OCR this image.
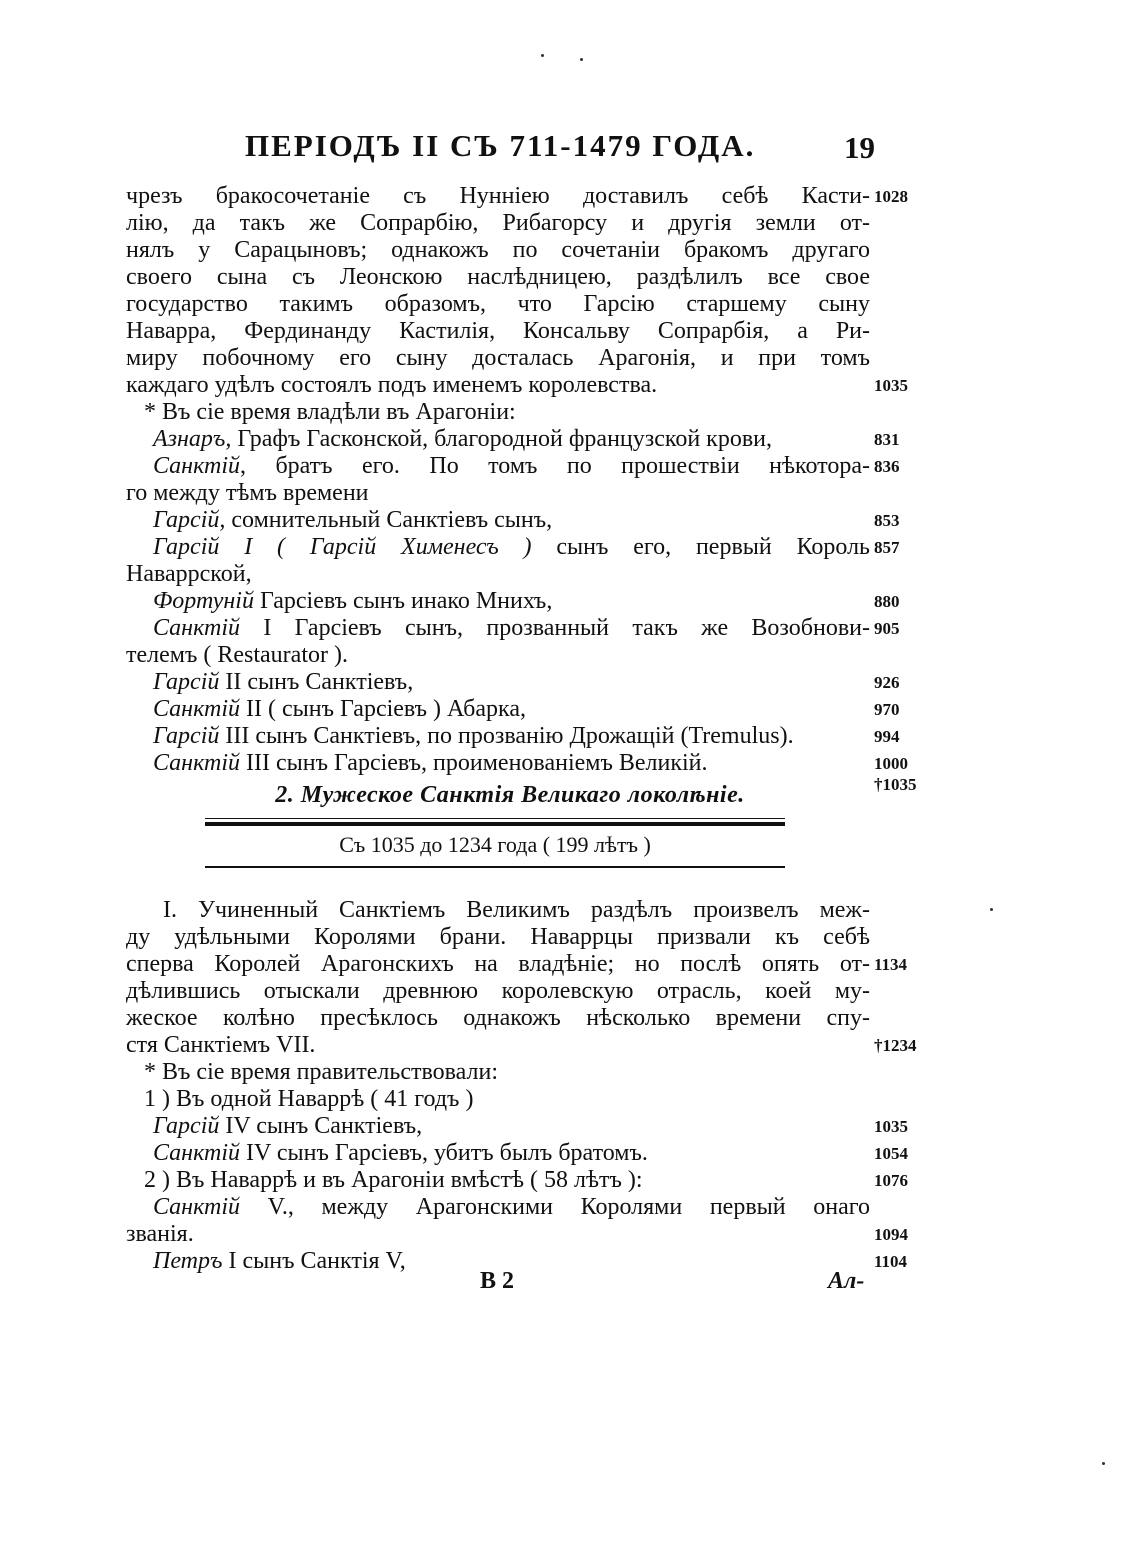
ПЕРІОДЪ II СЪ 711-1479 ГОДА.	19
чрезъ бракосочетаніе съ Нунніею доставилъ себѣ Касти- 1028
лію, да такъ же Сопрарбію, Рибагорсу и другія земли от-
нялъ у Сарацыновъ; однакожъ по сочетаніи бракомъ другаго
своего сына съ Леонскою наслѣдницею, раздѣлилъ все свое
государство такимъ образомъ, что Гарсію старшему сыну
Наварра, Фердинанду Кастилія, Консальву Сопрарбія, а Ри-
миру побочному его сыну досталась Арагонія, и при томъ
каждаго удѣлъ состоялъ подъ именемъ королевства.	1035
* Въ сіе время владѣли въ Арагоніи:
Азнаръ, Графъ Гасконской, благородной французской крови,	831
Санктій, братъ его. По томъ по прошествіи нѣкотора- 836
го между тѣмъ времени
Гарсій, сомнительный Санктіевъ сынъ,	853
Гарсій I ( Гарсій Хименесъ ) сынъ его, первый Король 857
Наваррской,
Фортуній Гарсіевъ сынъ инако Мнихъ,	880
Санктій I Гарсіевъ сынъ, прозванный такъ же Возобнови- 905
телемъ ( Restaurator ).
Гарсій II сынъ Санктіевъ,	926
Санктій II ( сынъ Гарсіевъ ) Абарка,	970
Гарсій III сынъ Санктіевъ, по прозванію Дрожащій (Tremulus).	994
Санктій III сынъ Гарсіевъ, проименованіемъ Великій.	1000
†1035
I. Учиненный Санктіемъ Великимъ раздѣлъ произвелъ меж-
ду удѣльными Королями брани. Наваррцы призвали къ себѣ
сперва Королей Арагонскихъ на владѣніе; но послѣ опять от- 1134
дѣлившись отыскали древнюю королевскую отрасль, коей му-
жеское колѣно пресѣклось однакожъ нѣсколько времени спу-
стя Санктіемъ VII.	†1234
* Въ сіе время правительствовали:
1 ) Въ одной Наваррѣ ( 41 годъ )
Гарсій IV сынъ Санктіевъ,	1035
Санктій IV сынъ Гарсіевъ, убитъ былъ братомъ.	1054
2 ) Въ Наваррѣ и въ Арагоніи вмѣстѣ ( 58 лѣтъ ):	1076
Санктій V., между Арагонскими Королями первый онаго
званія.	1094
Петръ I сынъ Санктія V,	1104
2. Мужеское Санктія Великаго локолѣніе.
Съ 1035 до 1234 года ( 199 лѣтъ )
В 2	Ал-
